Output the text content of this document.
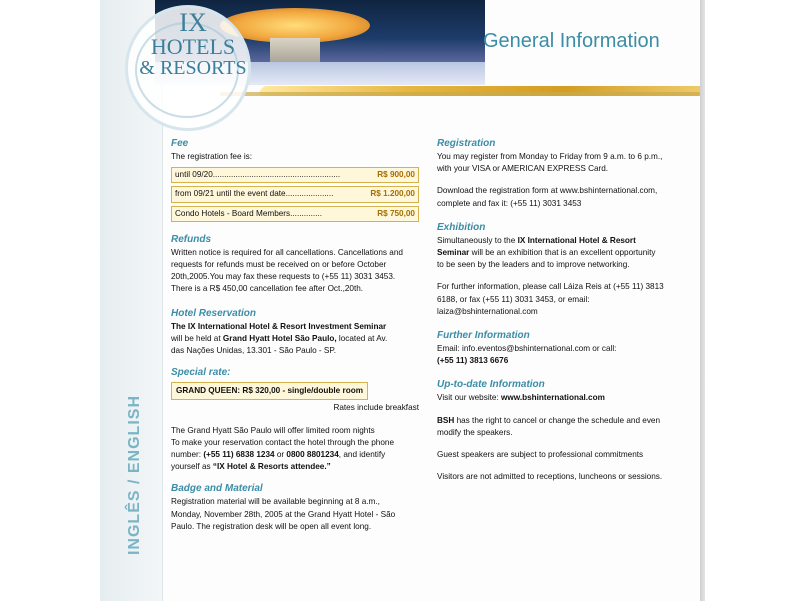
IX
HOTELS
& RESORTS
General Information
INGLÊS / ENGLISH
Fee
The registration fee is:
until 09/20........................................................	R$ 900,00
from 09/21 until the event date.....................	R$ 1.200,00
Condo Hotels - Board Members..............	R$ 750,00
Refunds
Written notice is required for all cancellations. Cancellations and
requests for refunds must be received on or before October
20th,2005.You may fax these requests to (+55 11) 3031 3453.
There is a R$ 450,00 cancellation fee after Oct.,20th.
Hotel Reservation
The IX International Hotel & Resort Investment Seminar
will be held at Grand Hyatt Hotel São Paulo, located at Av.
das Nações Unidas, 13.301 - São Paulo - SP.
Special rate:
GRAND QUEEN: R$ 320,00 - single/double room
Rates include breakfast
The Grand Hyatt São Paulo will offer limited room nights
To make your reservation contact the hotel through the phone
number: (+55 11) 6838 1234 or 0800 8801234, and identify
yourself as “IX Hotel & Resorts attendee.”
Badge and Material
Registration material will be available beginning at 8 a.m.,
Monday, November 28th, 2005 at the Grand Hyatt Hotel - São
Paulo. The registration desk will be open all event long.
Registration
You may register from Monday to Friday from 9 a.m. to 6 p.m.,
with your VISA or AMERICAN EXPRESS Card.
Download the registration form at www.bshinternational.com,
complete and fax it: (+55 11) 3031 3453
Exhibition
Simultaneously to the IX International Hotel & Resort
Seminar will be an exhibition that is an excellent opportunity
to be seen by the leaders and to improve networking.
For further information, please call Láiza Reis at (+55 11) 3813
6188, or fax (+55 11) 3031 3453, or email:
laiza@bshinternational.com
Further Information
Email: info.eventos@bshinternational.com or call:
(+55 11) 3813 6676
Up-to-date Information
Visit our website: www.bshinternational.com
BSH has the right to cancel or change the schedule and even
modify the speakers.
Guest speakers are subject to professional commitments
Visitors are not admitted to receptions, luncheons or sessions.
